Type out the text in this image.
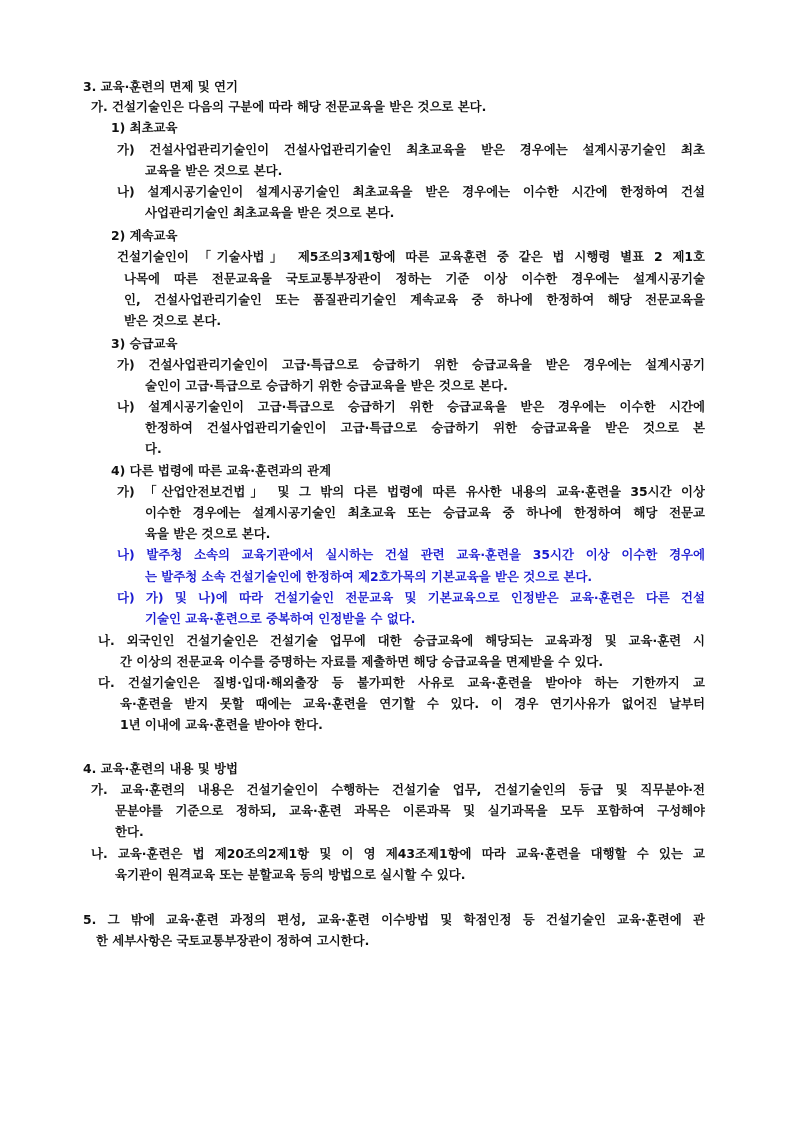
3. 교육·훈련의 면제 및 연기
가. 건설기술인은 다음의 구분에 따라 해당 전문교육을 받은 것으로 본다.
1) 최초교육
가) 건설사업관리기술인이 건설사업관리기술인 최초교육을 받은 경우에는 설계시공기술인 최초
교육을 받은 것으로 본다.
나) 설계시공기술인이 설계시공기술인 최초교육을 받은 경우에는 이수한 시간에 한정하여 건설
사업관리기술인 최초교육을 받은 것으로 본다.
2) 계속교육
건설기술인이 「기술사법」 제5조의3제1항에 따른 교육훈련 중 같은 법 시행령 별표 2 제1호
나목에 따른 전문교육을 국토교통부장관이 정하는 기준 이상 이수한 경우에는 설계시공기술
인, 건설사업관리기술인 또는 품질관리기술인 계속교육 중 하나에 한정하여 해당 전문교육을
받은 것으로 본다.
3) 승급교육
가) 건설사업관리기술인이 고급·특급으로 승급하기 위한 승급교육을 받은 경우에는 설계시공기
술인이 고급·특급으로 승급하기 위한 승급교육을 받은 것으로 본다.
나) 설계시공기술인이 고급·특급으로 승급하기 위한 승급교육을 받은 경우에는 이수한 시간에
한정하여 건설사업관리기술인이 고급·특급으로 승급하기 위한 승급교육을 받은 것으로 본
다.
4) 다른 법령에 따른 교육·훈련과의 관계
가) 「산업안전보건법」 및 그 밖의 다른 법령에 따른 유사한 내용의 교육·훈련을 35시간 이상
이수한 경우에는 설계시공기술인 최초교육 또는 승급교육 중 하나에 한정하여 해당 전문교
육을 받은 것으로 본다.
나) 발주청 소속의 교육기관에서 실시하는 건설 관련 교육·훈련을 35시간 이상 이수한 경우에
는 발주청 소속 건설기술인에 한정하여 제2호가목의 기본교육을 받은 것으로 본다.
다) 가) 및 나)에 따라 건설기술인 전문교육 및 기본교육으로 인정받은 교육·훈련은 다른 건설
기술인 교육·훈련으로 중복하여 인정받을 수 없다.
나. 외국인인 건설기술인은 건설기술 업무에 대한 승급교육에 해당되는 교육과정 및 교육·훈련 시
간 이상의 전문교육 이수를 증명하는 자료를 제출하면 해당 승급교육을 면제받을 수 있다.
다. 건설기술인은 질병·입대·해외출장 등 불가피한 사유로 교육·훈련을 받아야 하는 기한까지 교
육·훈련을 받지 못할 때에는 교육·훈련을 연기할 수 있다. 이 경우 연기사유가 없어진 날부터
1년 이내에 교육·훈련을 받아야 한다.
4. 교육·훈련의 내용 및 방법
가. 교육·훈련의 내용은 건설기술인이 수행하는 건설기술 업무, 건설기술인의 등급 및 직무분야·전
문분야를 기준으로 정하되, 교육·훈련 과목은 이론과목 및 실기과목을 모두 포함하여 구성해야
한다.
나. 교육·훈련은 법 제20조의2제1항 및 이 영 제43조제1항에 따라 교육·훈련을 대행할 수 있는 교
육기관이 원격교육 또는 분할교육 등의 방법으로 실시할 수 있다.
5. 그 밖에 교육·훈련 과정의 편성, 교육·훈련 이수방법 및 학점인정 등 건설기술인 교육·훈련에 관
한 세부사항은 국토교통부장관이 정하여 고시한다.
